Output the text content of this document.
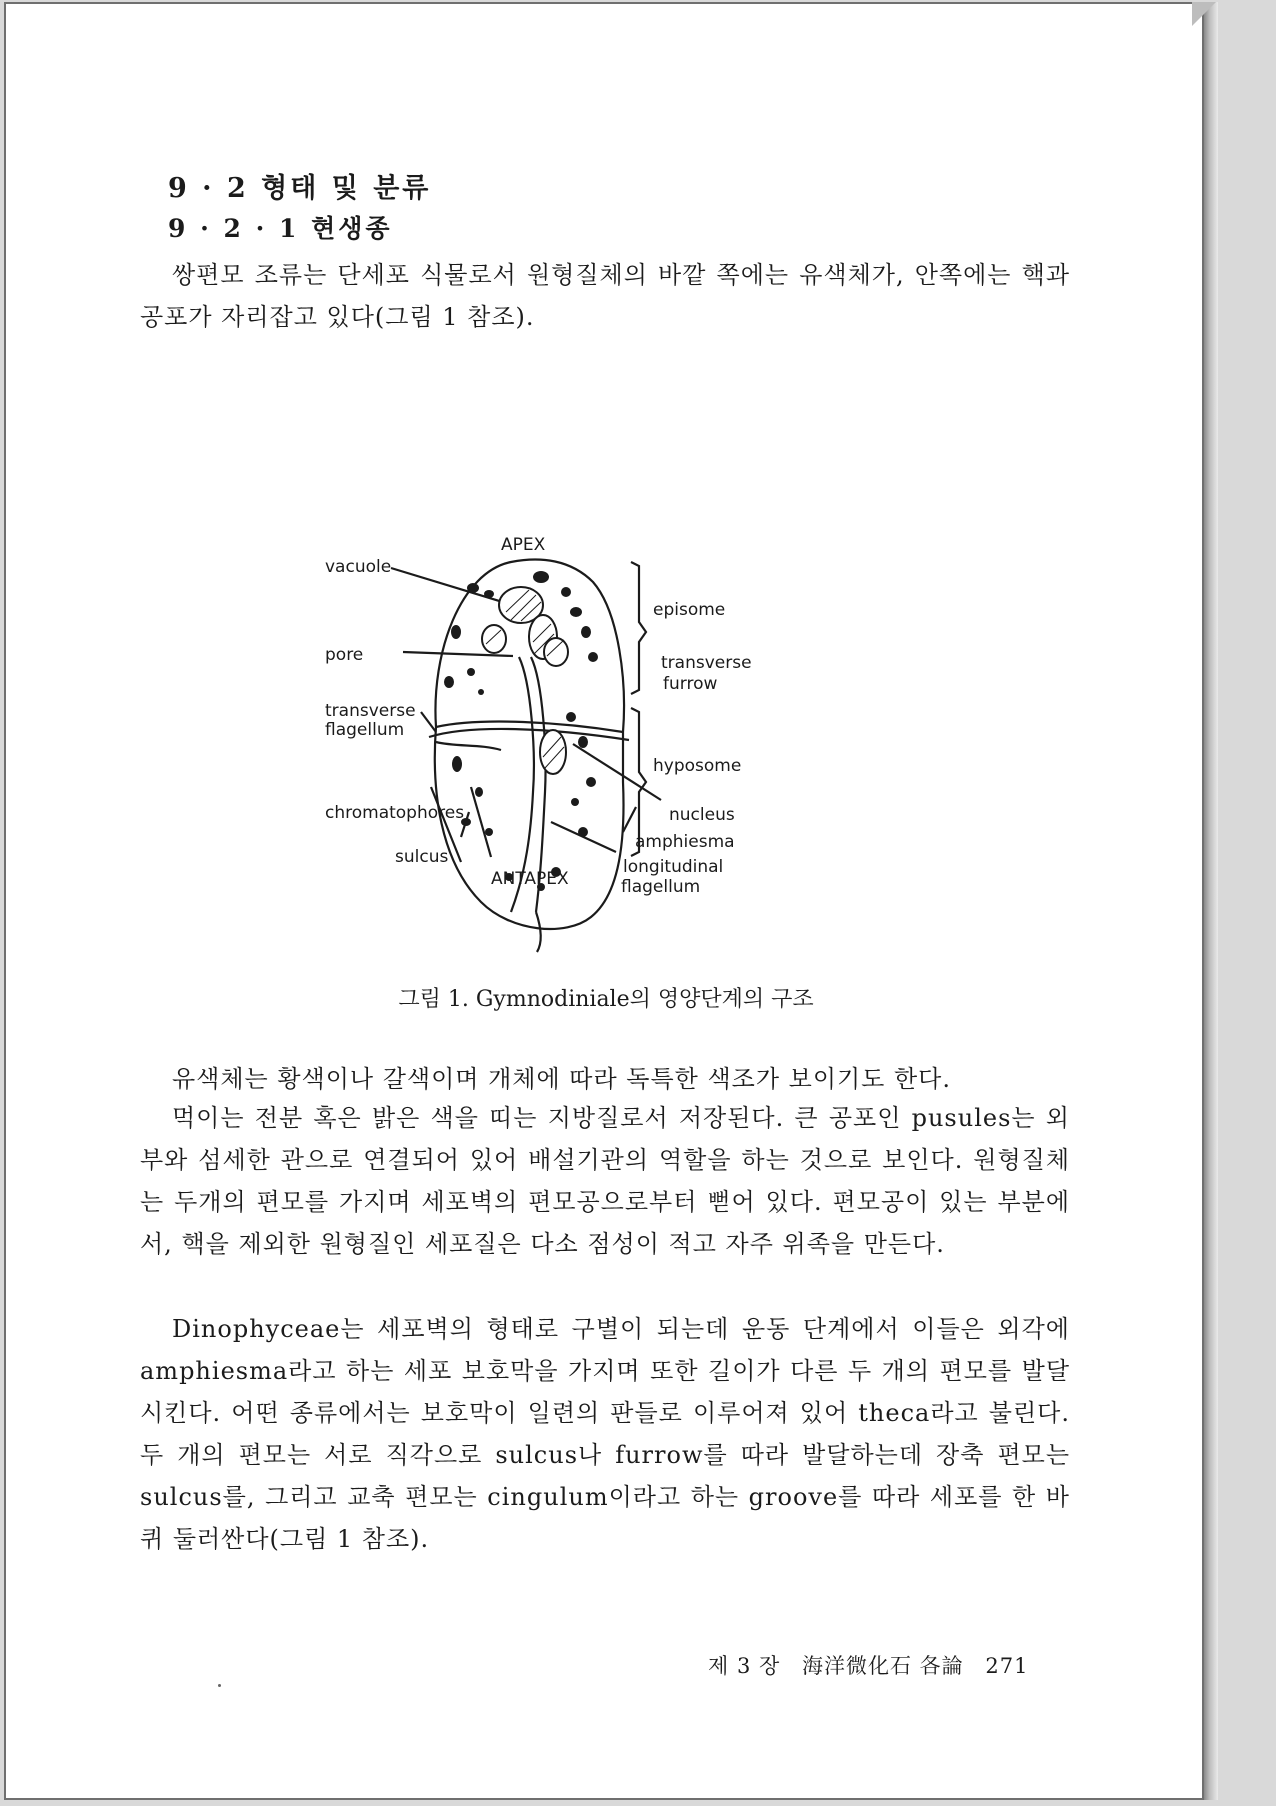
9 · 2 형태 및 분류
9 · 2 · 1 현생종

쌍편모 조류는 단세포 식물로서 원형질체의 바깥 쪽에는 유색체가, 안쪽에는 핵과 공포가 자리잡고 있다(그림 1 참조).

APEX
vacuole
episome
transverse
furrow
pore
transverse
flagellum
hyposome
chromatophores	nucleus
amphiesma
sulcus
ANTAPEX
longitudinal
flagellum

그림 1. Gymnodiniale의 영양단계의 구조

유색체는 황색이나 갈색이며 개체에 따라 독특한 색조가 보이기도 한다.

먹이는 전분 혹은 밝은 색을 띠는 지방질로서 저장된다. 큰 공포인 pusules는 외부와 섬세한 관으로 연결되어 있어 배설기관의 역할을 하는 것으로 보인다. 원형질체는 두개의 편모를 가지며 세포벽의 편모공으로부터 뻗어 있다. 편모공이 있는 부분에서, 핵을 제외한 원형질인 세포질은 다소 점성이 적고 자주 위족을 만든다.

Dinophyceae는 세포벽의 형태로 구별이 되는데 운동 단계에서 이들은 외각에 amphiesma라고 하는 세포 보호막을 가지며 또한 길이가 다른 두 개의 편모를 발달시킨다. 어떤 종류에서는 보호막이 일련의 판들로 이루어져 있어 theca라고 불린다. 두 개의 편모는 서로 직각으로 sulcus나 furrow를 따라 발달하는데 장축 편모는 sulcus를, 그리고 교축 편모는 cingulum이라고 하는 groove를 따라 세포를 한 바퀴 둘러싼다(그림 1 참조).

제 3 장 海洋微化石 各論 271
